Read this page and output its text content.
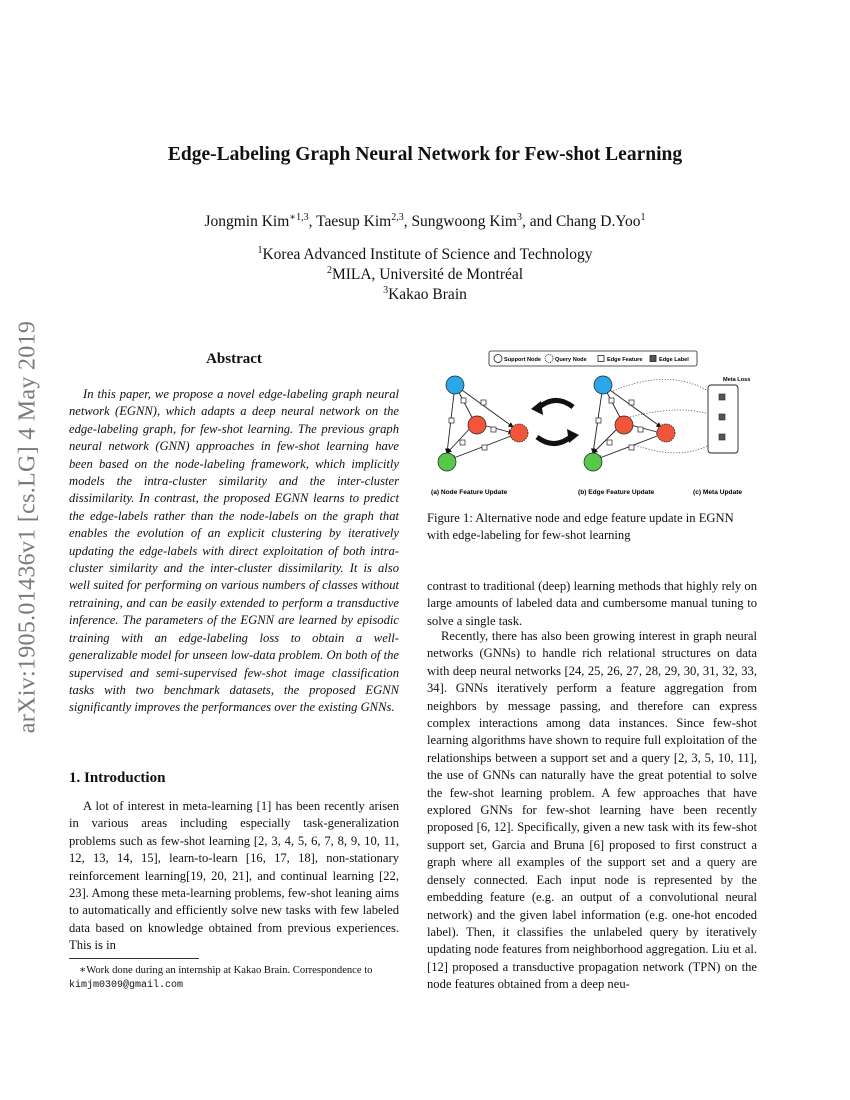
Edge-Labeling Graph Neural Network for Few-shot Learning
Jongmin Kim$^{∗1,3}$, Taesup Kim$^{2,3}$, Sungwoong Kim$^3$, and Chang D.Yoo$^1$
$^1$Korea Advanced Institute of Science and Technology
$^2$MILA, Université de Montréal
$^3$Kakao Brain
arXiv:1905.01436v1 [cs.LG] 4 May 2019	Abstract

In this paper, we propose a novel edge-labeling graph neural network (EGNN), which adapts a deep neural network on the edge-labeling graph, for few-shot learning. The previous graph neural network (GNN) approaches in few-shot learning have been based on the node-labeling framework, which implicitly models the intra-cluster similarity and the inter-cluster dissimilarity. In contrast, the proposed EGNN learns to predict the edge-labels rather than the node-labels on the graph that enables the evolution of an explicit clustering by iteratively updating the edge-labels with direct exploitation of both intra-cluster similarity and the inter-cluster dissimilarity. It is also well suited for performing on various numbers of classes without retraining, and can be easily extended to perform a transductive inference. The parameters of the EGNN are learned by episodic training with an edge-labeling loss to obtain a well-generalizable model for unseen low-data problem. On both of the supervised and semi-supervised few-shot image classification tasks with two benchmark datasets, the proposed EGNN significantly improves the performances over the existing GNNs.

1. Introduction

A lot of interest in meta-learning [1] has been recently arisen in various areas including especially task-generalization problems such as few-shot learning [2, 3, 4, 5, 6, 7, 8, 9, 10, 11, 12, 13, 14, 15], learn-to-learn [16, 17, 18], non-stationary reinforcement learning[19, 20, 21], and continual learning [22, 23]. Among these meta-learning problems, few-shot leaning aims to automatically and efficiently solve new tasks with few labeled data based on knowledge obtained from previous experiences. This is in

∗Work done during an internship at Kakao Brain. Correspondence to
kimjm0309@gmail.com
Support Node	Query Node	Edge Feature	Edge Label
Meta Loss
(a) Node Feature Update	(b) Edge Feature Update	(c) Meta Update
Figure 1: Alternative node and edge feature update in EGNN with edge-labeling for few-shot learning

contrast to traditional (deep) learning methods that highly rely on large amounts of labeled data and cumbersome manual tuning to solve a single task.

Recently, there has also been growing interest in graph neural networks (GNNs) to handle rich relational structures on data with deep neural networks [24, 25, 26, 27, 28, 29, 30, 31, 32, 33, 34]. GNNs iteratively perform a feature aggregation from neighbors by message passing, and therefore can express complex interactions among data instances. Since few-shot learning algorithms have shown to require full exploitation of the relationships between a support set and a query [2, 3, 5, 10, 11], the use of GNNs can naturally have the great potential to solve the few-shot learning problem. A few approaches that have explored GNNs for few-shot learning have been recently proposed [6, 12]. Specifically, given a new task with its few-shot support set, Garcia and Bruna [6] proposed to first construct a graph where all examples of the support set and a query are densely connected. Each input node is represented by the embedding feature (e.g. an output of a convolutional neural network) and the given label information (e.g. one-hot encoded label). Then, it classifies the unlabeled query by iteratively updating node features from neighborhood aggregation. Liu et al. [12] proposed a transductive propagation network (TPN) on the node features obtained from a deep neu-
